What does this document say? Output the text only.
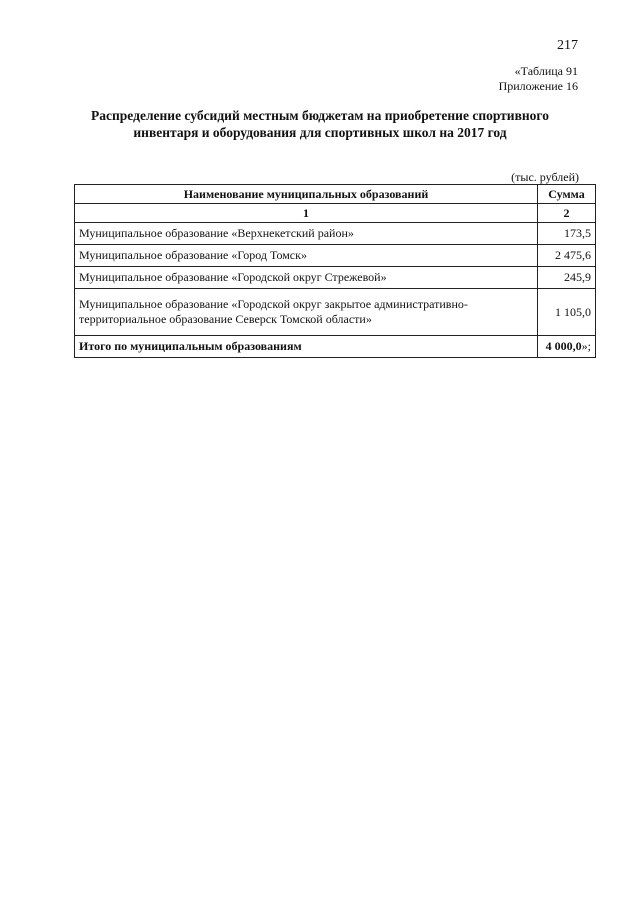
217
«Таблица 91
Приложение 16
Распределение субсидий местным бюджетам на приобретение спортивного инвентаря и оборудования для спортивных школ на 2017 год
(тыс. рублей)
Наименование муниципальных образований	Сумма
1	2
Муниципальное образование «Верхнекетский район»	173,5
Муниципальное образование «Город Томск»	2 475,6
Муниципальное образование «Городской округ Стрежевой»	245,9
Муниципальное образование «Городской округ закрытое административно-территориальное образование Северск Томской области»	1 105,0
Итого по муниципальным образованиям	4 000,0»;
